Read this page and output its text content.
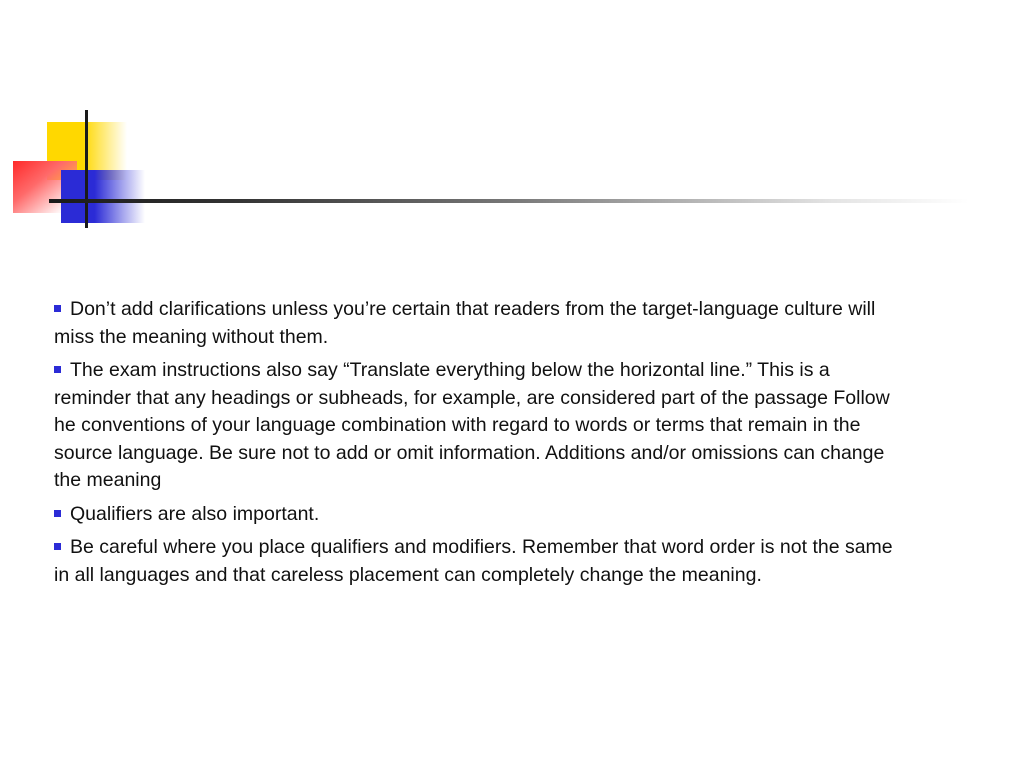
Don’t add clarifications unless you’re certain that readers from the target-language culture will miss the meaning without them.
The exam instructions also say “Translate everything below the horizontal line.” This is a reminder that any headings or subheads, for example, are considered part of the passage Follow he conventions of your language combination with regard to words or terms that remain in the source language. Be sure not to add or omit information. Additions and/or omissions can change the meaning
Qualifiers are also important.
Be careful where you place qualifiers and modifiers. Remember that word order is not the same in all languages and that careless placement can completely change the meaning.
